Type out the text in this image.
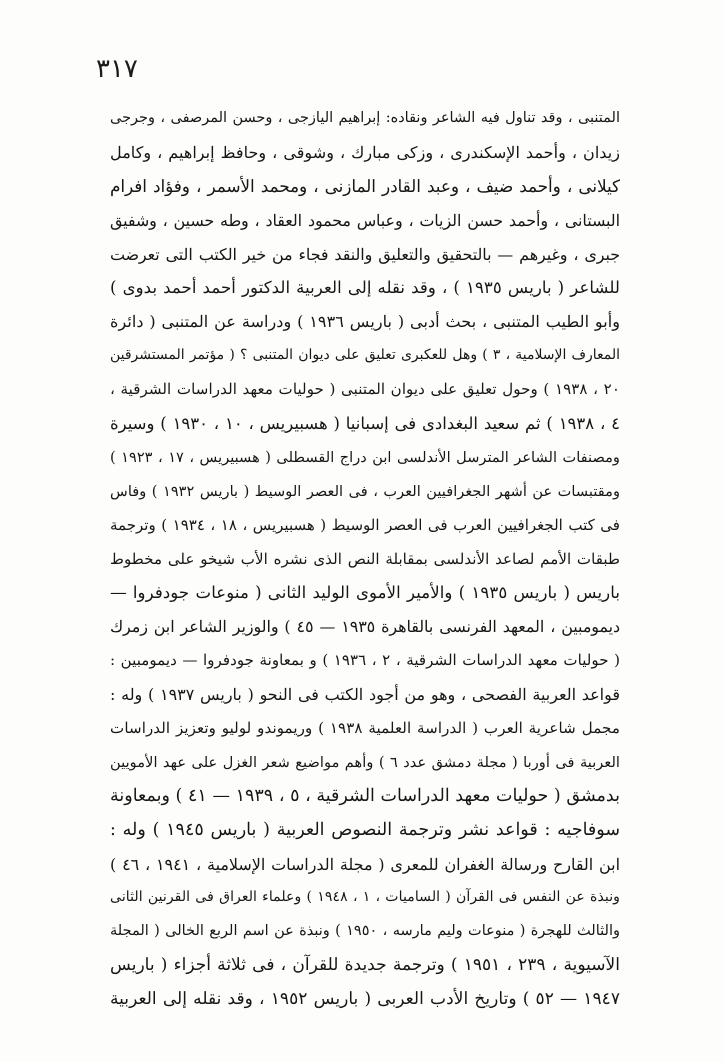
٣١٧
المتنبى ، وقد تناول فيه الشاعر ونقاده: إبراهيم اليازجى ، وحسن المرصفى ، وجرجى
زيدان ، وأحمد الإسكندرى ، وزكى مبارك ، وشوقى ، وحافظ إبراهيم ، وكامل
كيلانى ، وأحمد ضيف ، وعبد القادر المازنى ، ومحمد الأسمر ، وفؤاد افرام
البستانى ، وأحمد حسن الزيات ، وعباس محمود العقاد ، وطه حسين ، وشفيق
جبرى ، وغيرهم — بالتحقيق والتعليق والنقد فجاء من خير الكتب التى تعرضت
للشاعر ( باريس ١٩٣٥ ) ، وقد نقله إلى العربية الدكتور أحمد أحمد بدوى )
وأبو الطيب المتنبى ، بحث أدبى ( باريس ١٩٣٦ ) ودراسة عن المتنبى ( دائرة
المعارف الإسلامية ، ٣ ) وهل للعكبرى تعليق على ديوان المتنبى ؟ ( مؤتمر المستشرقين
٢٠ ، ١٩٣٨ ) وحول تعليق على ديوان المتنبى ( حوليات معهد الدراسات الشرقية ،
٤ ، ١٩٣٨ ) ثم سعيد البغدادى فى إسبانيا ( هسبيريس ، ١٠ ، ١٩٣٠ ) وسيرة
ومصنفات الشاعر المترسل الأندلسى ابن دراج القسطلى ( هسبيريس ، ١٧ ، ١٩٢٣ )
ومقتبسات عن أشهر الجغرافيين العرب ، فى العصر الوسيط ( باريس ١٩٣٢ ) وفاس
فى كتب الجغرافيين العرب فى العصر الوسيط ( هسبيريس ، ١٨ ، ١٩٣٤ ) وترجمة
طبقات الأمم لصاعد الأندلسى بمقابلة النص الذى نشره الأب شيخو على مخطوط
باريس ( باريس ١٩٣٥ ) والأمير الأموى الوليد الثانى ( منوعات جودفروا —
ديمومبين ، المعهد الفرنسى بالقاهرة ١٩٣٥ — ٤٥ ) والوزير الشاعر ابن زمرك
( حوليات معهد الدراسات الشرقية ، ٢ ، ١٩٣٦ ) و بمعاونة جودفروا — ديمومبين :
قواعد العربية الفصحى ، وهو من أجود الكتب فى النحو ( باريس ١٩٣٧ ) وله :
مجمل شاعرية العرب ( الدراسة العلمية ١٩٣٨ ) وريموندو لوليو وتعزيز الدراسات
العربية فى أوربا ( مجلة دمشق عدد ٦ ) وأهم مواضيع شعر الغزل على عهد الأمويين
بدمشق ( حوليات معهد الدراسات الشرقية ، ٥ ، ١٩٣٩ — ٤١ ) وبمعاونة
سوفاجيه : قواعد نشر وترجمة النصوص العربية ( باريس ١٩٤٥ ) وله :
ابن القارح ورسالة الغفران للمعرى ( مجلة الدراسات الإسلامية ، ١٩٤١ ، ٤٦ )
ونبذة عن النفس فى القرآن ( الساميات ، ١ ، ١٩٤٨ ) وعلماء العراق فى القرنين الثانى
والثالث للهجرة ( منوعات وليم مارسه ، ١٩٥٠ ) ونبذة عن اسم الربع الخالى ( المجلة
الآسيوية ، ٢٣٩ ، ١٩٥١ ) وترجمة جديدة للقرآن ، فى ثلاثة أجزاء ( باريس
١٩٤٧ — ٥٢ ) وتاريخ الأدب العربى ( باريس ١٩٥٢ ، وقد نقله إلى العربية
